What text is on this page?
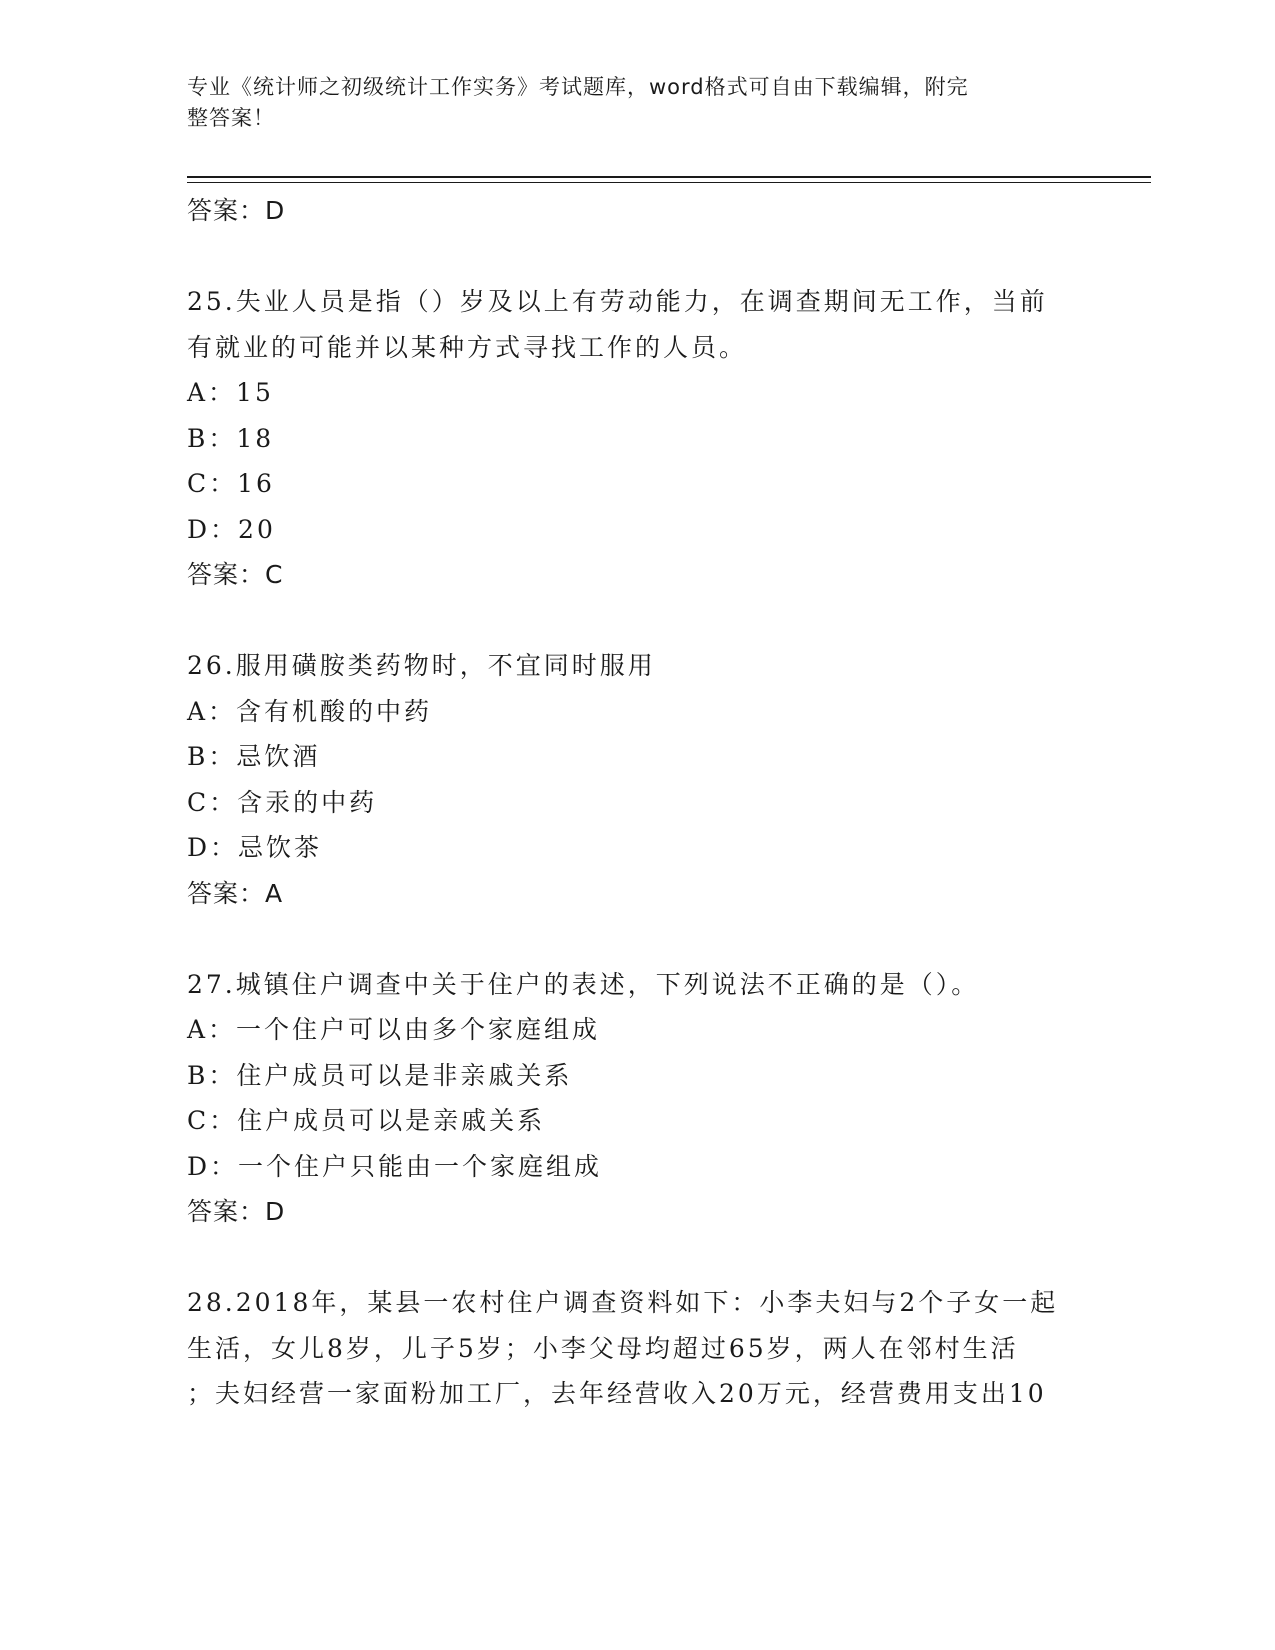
专业《统计师之初级统计工作实务》考试题库，word格式可自由下载编辑，附完
整答案！
答案：D
25.失业人员是指（）岁及以上有劳动能力，在调查期间无工作，当前
有就业的可能并以某种方式寻找工作的人员。
A：15
B：18
C：16
D：20
答案：C
26.服用磺胺类药物时，不宜同时服用
A：含有机酸的中药
B：忌饮酒
C：含汞的中药
D：忌饮茶
答案：A
27.城镇住户调查中关于住户的表述，下列说法不正确的是（）。
A：一个住户可以由多个家庭组成
B：住户成员可以是非亲戚关系
C：住户成员可以是亲戚关系
D：一个住户只能由一个家庭组成
答案：D
28.2018年，某县一农村住户调查资料如下：小李夫妇与2个子女一起
生活，女儿8岁，儿子5岁；小李父母均超过65岁，两人在邻村生活
；夫妇经营一家面粉加工厂，去年经营收入20万元，经营费用支出10
